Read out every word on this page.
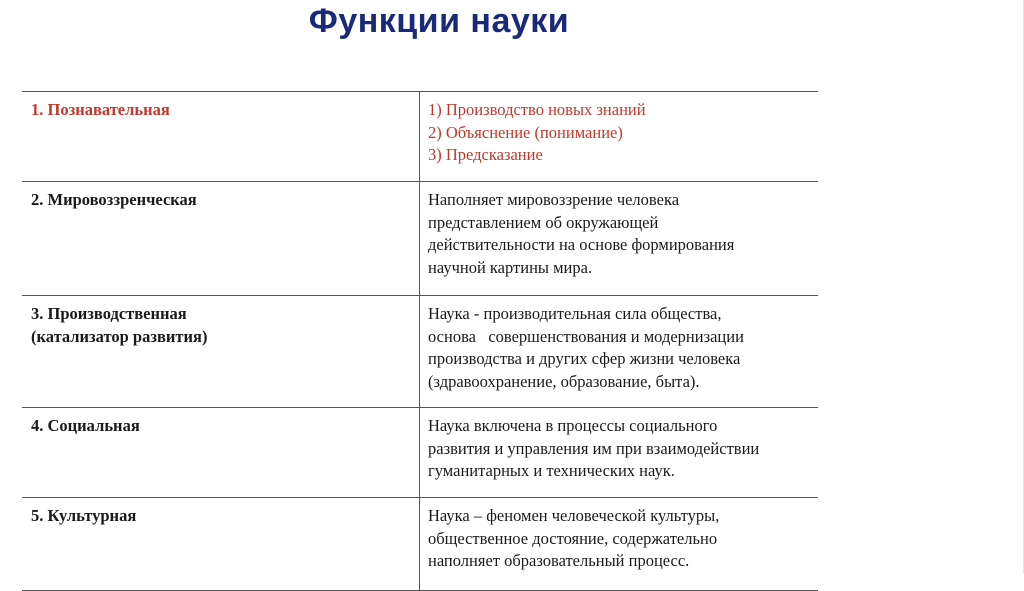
Функции науки
1. Познавательная	1) Производство новых знаний
2) Объяснение (понимание)
3) Предсказание

2. Мировоззренческая	Наполняет мировоззрение человека
представлением об окружающей
действительности на основе формирования
научной картины мира.

3. Производственная
(катализатор развития)	Наука - производительная сила общества,
основа   совершенствования и модернизации
производства и других сфер жизни человека
(здравоохранение, образование, быта).

4. Социальная	Наука включена в процессы социального
развития и управления им при взаимодействии
гуманитарных и технических наук.

5. Культурная	Наука – феномен человеческой культуры,
общественное достояние, содержательно
наполняет образовательный процесс.
